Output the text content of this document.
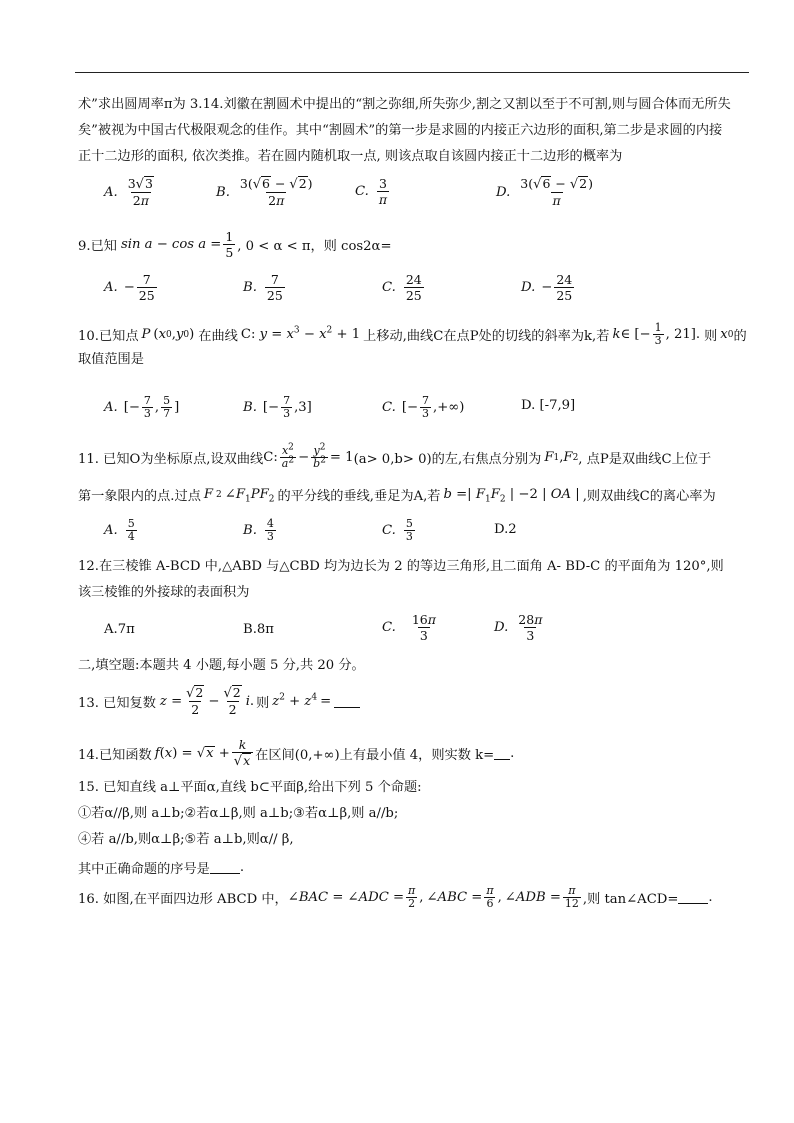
术”求出圆周率π为 3.14.刘徽在割圆术中提出的“割之弥细,所失弥少,割之又割以至于不可割,则与圆合体而无所失
矣”被视为中国古代极限观念的佳作。其中“割圆术”的第一步是求圆的内接正六边形的面积,第二步是求圆的内接
正十二边形的面积, 依次类推。若在圆内随机取一点, 则该点取自该圆内接正十二边形的概率为
A. $\frac{3√3}{2\pi}$	B. $\frac{3(√6 - √2)}{2\pi}$	C. $\frac{3}{\pi}$	D. $\frac{3(√6 - √2)}{\pi}$
9.已知 $\sin a - \cos a = \frac{1}{5}$ , 0 < α < π，则 cos2α=
A. − $\frac{7}{25}$	B. $\frac{7}{25}$	C. $\frac{24}{25}$	D. − $\frac{24}{25}$
10.已知点 P ( x 0 , y 0 ) 在曲线 C: $y = x^3 - x^2 + 1$ 上移动,曲线C在点P处的切线的斜率为k,若 k ∈ [− $\frac{1}{3}$ , 21]. 则 x 0 的
取值范围是
A. [− $\frac{7}{3}$ , $\frac{5}{7}$ ]	B. [− $\frac{7}{3} ,3$]	C. [− $\frac{7}{3}$ ,+∞)	D. [-7,9]
11. 已知O为坐标原点,设双曲线 C: $\frac{x^2}{a^2} - \frac{y^2}{b^2} = 1$ (a> 0,b> 0)的左,右焦点分别为 F 1 , F 2 , 点P是双曲线C上位于
第一象限内的点.过点 F 2 $\angle F_1PF_2$ 的平分线的垂线,垂足为A,若 b =| $F_1F_2$ | −2 | OA | ,则双曲线C的离心率为
A. $\frac{5}{4}$	B. $\frac{4}{3}$	C. $\frac{5}{3}$	D.2
12.在三棱锥 A-BCD 中,△ABD 与△CBD 均为边长为 2 的等边三角形,且二面角 A- BD-C 的平面角为 120°,则
该三棱锥的外接球的表面积为
A.7π	B.8π	C. $\frac{16\pi}{3}$	D. $\frac{28\pi}{3}$
二,填空题:本题共 4 小题,每小题 5 分,共 20 分。
13. 已知复数 $z = \frac{√2}{2} - \frac{√2}{2}$ i . 则 $z^2 + z^4$ =
14.已知函数 $f(x) = √x + \frac{k}{√x}$ 在区间(0,+∞)上有最小值 4，则实数 k= .
15. 已知直线 a⊥平面α,直线 b⊂平面β,给出下列 5 个命题:
①若α//β,则 a⊥b;②若α⊥β,则 a⊥b;③若α⊥β,则 a//b;
④若 a//b,则α⊥β;⑤若 a⊥b,则α// β,
其中正确命题的序号是 .
16. 如图,在平面四边形 ABCD 中， ∠BAC = ∠ADC = $\frac{\pi}{2}$ , ∠ABC = $\frac{\pi}{6}$ , ∠ADB = $\frac{\pi}{12}$ ,则 tan∠ACD= .
